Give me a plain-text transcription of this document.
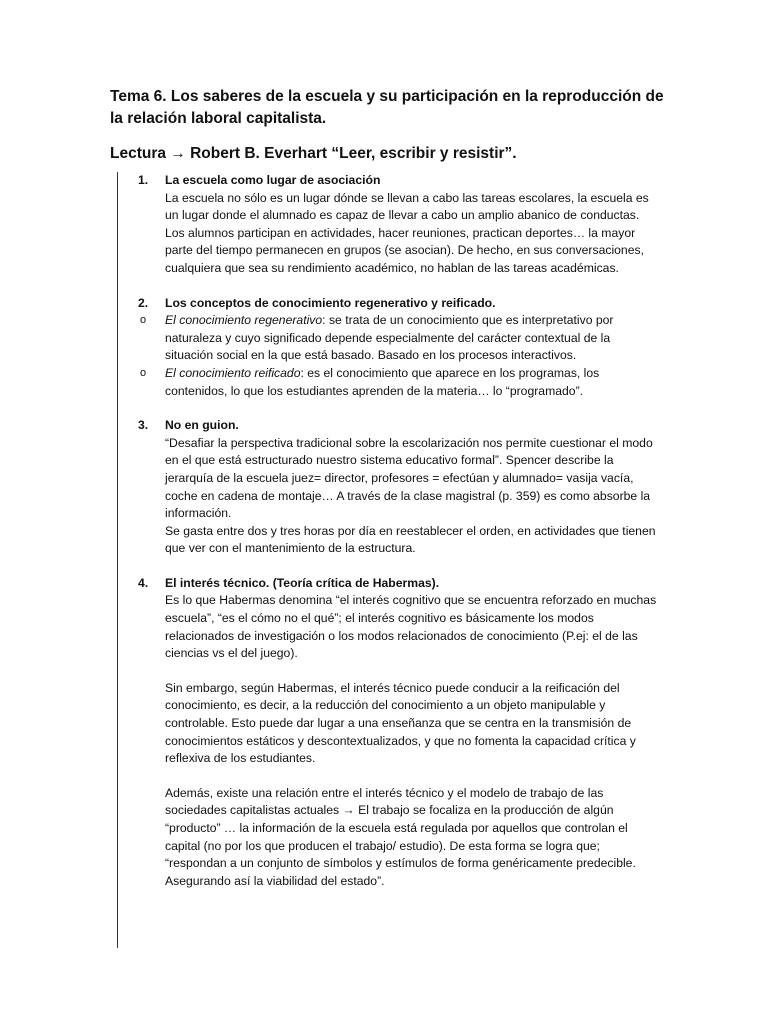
Tema 6. Los saberes de la escuela y su participación en la reproducción de la relación laboral capitalista.
Lectura → Robert B. Everhart “Leer, escribir y resistir”.
1.	La escuela como lugar de asociación

La escuela no sólo es un lugar dónde se llevan a cabo las tareas escolares, la escuela es un lugar donde el alumnado es capaz de llevar a cabo un amplio abanico de conductas. Los alumnos participan en actividades, hacer reuniones, practican deportes… la mayor parte del tiempo permanecen en grupos (se asocian). De hecho, en sus conversaciones, cualquiera que sea su rendimiento académico, no hablan de las tareas académicas.

2.	Los conceptos de conocimiento regenerativo y reificado.
o	El conocimiento regenerativo: se trata de un conocimiento que es interpretativo por naturaleza y cuyo significado depende especialmente del carácter contextual de la situación social en la que está basado. Basado en los procesos interactivos.
o	El conocimiento reificado: es el conocimiento que aparece en los programas, los contenidos, lo que los estudiantes aprenden de la materia… lo “programado”.
3.	No en guion.

“Desafiar la perspectiva tradicional sobre la escolarización nos permite cuestionar el modo en el que está estructurado nuestro sistema educativo formal”. Spencer describe la jerarquía de la escuela juez= director, profesores = efectúan y alumnado= vasija vacía, coche en cadena de montaje… A través de la clase magistral (p. 359) es como absorbe la información.

Se gasta entre dos y tres horas por día en reestablecer el orden, en actividades que tienen que ver con el mantenimiento de la estructura.

4.	El interés técnico. (Teoría crítica de Habermas).

Es lo que Habermas denomina “el interés cognitivo que se encuentra reforzado en muchas escuela”, “es el cómo no el qué”; el interés cognitivo es básicamente los modos relacionados de investigación o los modos relacionados de conocimiento (P.ej: el de las ciencias vs el del juego).

Sin embargo, según Habermas, el interés técnico puede conducir a la reificación del conocimiento, es decir, a la reducción del conocimiento a un objeto manipulable y controlable. Esto puede dar lugar a una enseñanza que se centra en la transmisión de conocimientos estáticos y descontextualizados, y que no fomenta la capacidad crítica y reflexiva de los estudiantes.

Además, existe una relación entre el interés técnico y el modelo de trabajo de las sociedades capitalistas actuales → El trabajo se focaliza en la producción de algún “producto” … la información de la escuela está regulada por aquellos que controlan el capital (no por los que producen el trabajo/ estudio). De esta forma se logra que; “respondan a un conjunto de símbolos y estímulos de forma genéricamente predecible. Asegurando así la viabilidad del estado”.
